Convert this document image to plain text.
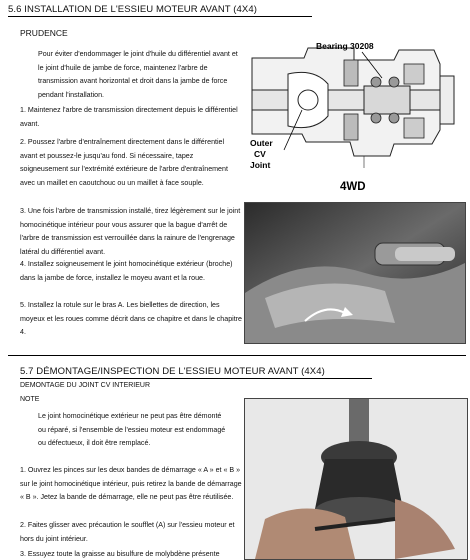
5.6 INSTALLATION DE L'ESSIEU MOTEUR AVANT (4X4)
PRUDENCE
Pour éviter d'endommager le joint d'huile du différentiel avant et le joint d'huile de jambe de force, maintenez l'arbre de transmission avant horizontal et droit dans la jambe de force pendant l'installation.
1. Maintenez l'arbre de transmission directement depuis le différentiel avant.
2. Poussez l'arbre d'entraînement directement dans le différentiel avant et poussez-le jusqu'au fond. Si nécessaire, tapez soigneusement sur l'extrémité extérieure de l'arbre d'entraînement avec un maillet en caoutchouc ou un maillet à face souple.
3. Une fois l'arbre de transmission installé, tirez légèrement sur le joint homocinétique intérieur pour vous assurer que la bague d'arrêt de l'arbre de transmission est verrouillée dans la rainure de l'engrenage latéral du différentiel avant.
4. Installez soigneusement le joint homocinétique extérieur (broche) dans la jambe de force, installez le moyeu avant et la roue.
5. Installez la rotule sur le bras A. Les biellettes de direction, les moyeux et les roues comme décrit dans ce chapitre et dans le chapitre 4.
Bearing 30208
Outer
CV
Joint
4WD
5.7 DÉMONTAGE/INSPECTION DE L'ESSIEU MOTEUR AVANT (4X4)
DEMONTAGE DU JOINT CV INTERIEUR
NOTE
Le joint homocinétique extérieur ne peut pas être démonté ou réparé, si l'ensemble de l'essieu moteur est endommagé ou défectueux, il doit être remplacé.
1. Ouvrez les pinces sur les deux bandes de démarrage « A » et « B » sur le joint homocinétique intérieur, puis retirez la bande de démarrage « B ». Jetez la bande de démarrage, elle ne peut pas être réutilisée.
2. Faites glisser avec précaution le soufflet (A) sur l'essieu moteur et hors du joint intérieur.
3. Essuyez toute la graisse au bisulfure de molybdène présente
